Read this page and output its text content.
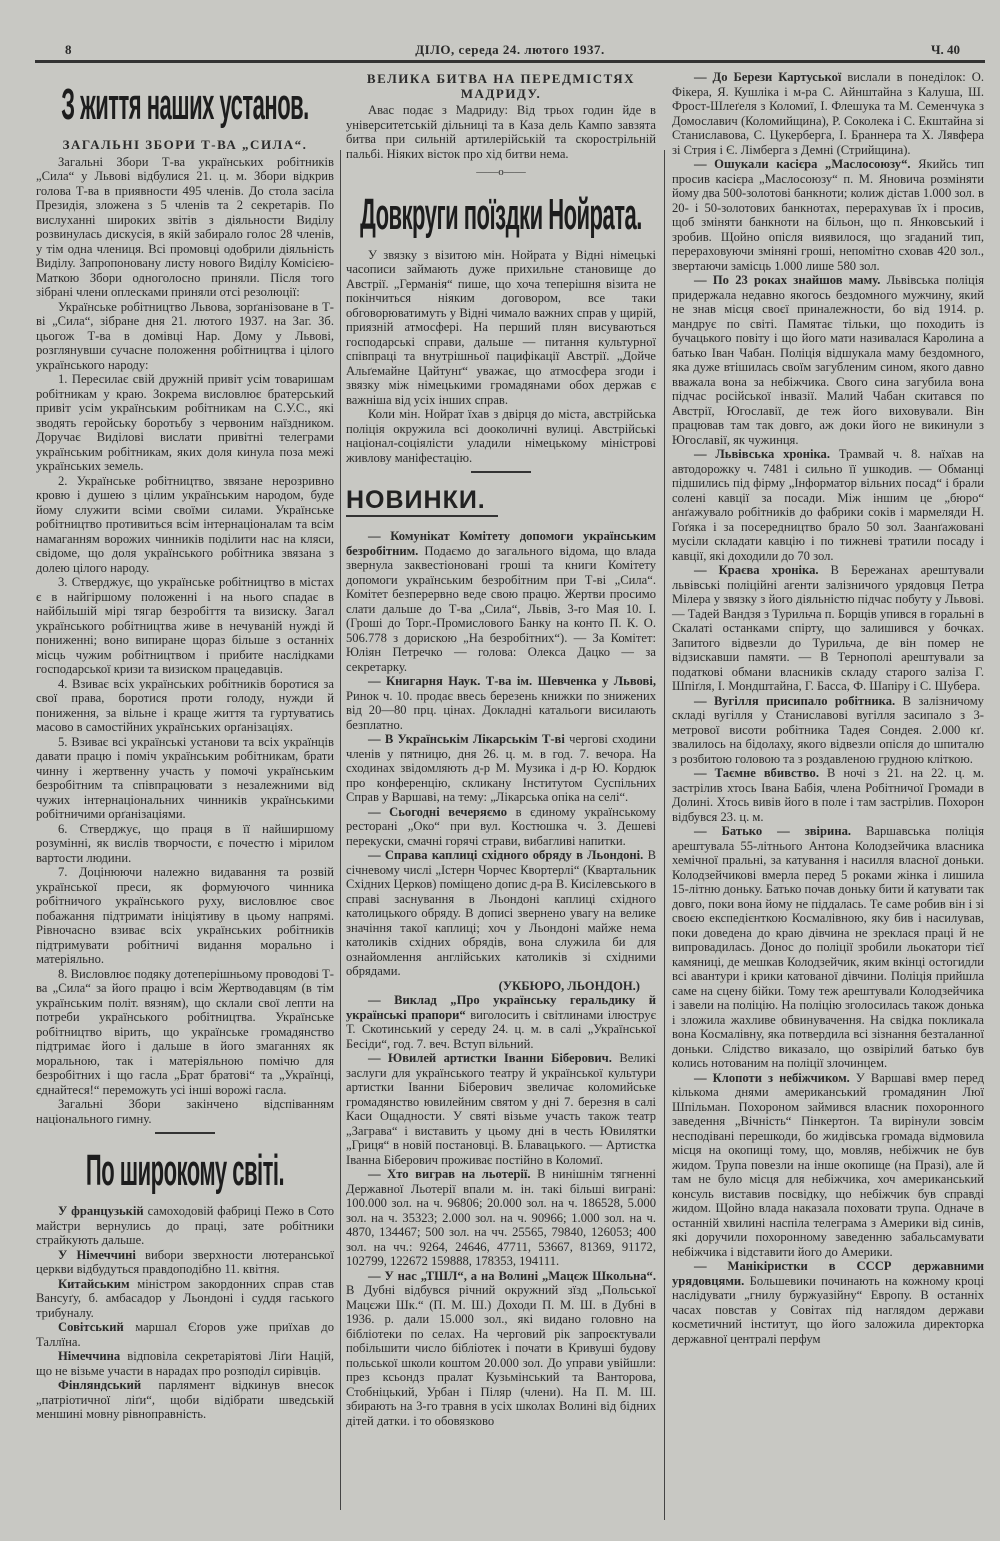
8	ДІЛО, середа 24. лютого 1937.	Ч. 40
З життя наших установ.
ЗАГАЛЬНІ ЗБОРИ Т-ВА „СИЛА“.

Загальні Збори Т-ва українських робітників „Сила“ у Львові відбулися 21. ц. м. Збори відкрив голова Т-ва в приявности 495 членів. До стола засіла Президія, зложена з 5 членів та 2 секретарів. По вислуханні широких звітів з діяльности Виділу розвинулась дискусія, в якій забирало голос 28 членів, у тім одна члениця. Всі промовці одобрили діяльність Виділу. Запропоновану листу нового Виділу Комісією-Маткою Збори одноголосно приняли. Після того зібрані члени оплесками приняли отсі резолюції:

Українське робітництво Львова, зорґанізоване в Т-ві „Сила“, зібране дня 21. лютого 1937. на Заг. Зб. цьогож Т-ва в домівці Нар. Дому у Львові, розглянувши сучасне положення робітництва і цілого українського народу:

1. Пересилає свій дружній привіт усім товаришам робітникам у краю. Зокрема висловлює братерський привіт усім українським робітникам на С.У.С., які зводять геройську боротьбу з червоним наїздником. Доручає Виділові вислати привітні телеграми українським робітникам, яких доля кинула поза межі українських земель.

2. Українське робітництво, звязане нерозривно кровю і душею з цілим українським народом, буде йому служити всіми своїми силами. Українське робітництво противиться всім інтернаціоналам та всім намаганням ворожих чинників поділити нас на кляси, свідоме, що доля українського робітника звязана з долею цілого народу.

3. Стверджує, що українське робітництво в містах є в найгіршому положенні і на нього спадає в найбільшій мірі тягар безробіття та визиску. Загал українського робітництва живе в нечуваній нужді й пониженні; воно випиране щораз більше з останніх місць чужим робітництвом і прибите наслідками господарської кризи та визиском працедавців.

4. Взиває всіх українських робітників боротися за свої права, боротися проти голоду, нужди й пониження, за вільне і краще життя та гуртуватись масово в самостійних українських орґанізаціях.

5. Взиває всі українські установи та всіх українців давати працю і поміч українським робітникам, брати чинну і жертвенну участь у помочі українським безробітним та співпрацювати з незалежними від чужих інтернаціональних чинників українськими робітничими орґанізаціями.

6. Стверджує, що праця в її найширшому розумінні, як вислів творчости, є почестю і мірилом вартости людини.

7. Доцінюючи належно видавання та розвій української преси, як формуючого чинника робітничого українського руху, висловлює своє побажання підтримати ініціятиву в цьому напрямі. Рівночасно взиває всіх українських робітників підтримувати робітничі видання морально і матеріяльно.

8. Висловлює подяку дотеперішньому проводові Т-ва „Сила“ за його працю і всім Жертводавцям (в тім українським політ. вязням), що склали свої лепти на потреби українського робітництва. Українське робітництво вірить, що українське громадянство підтримає його і дальше в його змаганнях як моральною, так і матеріяльною помічю для безробітних і що гасла „Брат братові“ та „Українці, єднайтеся!“ переможуть усі інші ворожі гасла.

Загальні Збори закінчено відспіванням національного гимну.

По широкому світі.

У французькій самоходовій фабриці Пежо в Сото майстри вернулись до праці, зате робітники страйкують дальше.

У Німеччині вибори зверхности лютеранської церкви відбудуться правдоподібно 11. квітня.

Китайським міністром закордонних справ став Вансуґу, б. амбасадор у Льондоні і суддя гаського трибуналу.

Совітський маршал Єґоров уже приїхав до Таллїна.

Німеччина відповіла секретаріятові Ліґи Націй, що не візьме участи в нарадах про розподіл сирівців.

Фінляндський парлямент відкинув внесок „патріотичної ліґи“, щоби відібрати шведській меншині мовну рівноправність.

ВЕЛИКА БИТВА НА ПЕРЕДМІСТЯХ МАДРИДУ.

Авас подає з Мадриду: Від трьох годин йде в університетській дільниці та в Каза дель Кампо завзята битва при сильній артилерійській та скорострільній пальбі. Ніяких вісток про хід битви нема.

——o——
Довкруги поїздки Нойрата.

У звязку з візитою мін. Нойрата у Відні німецькі часописи займають дуже прихильне становище до Австрії. „Германія“ пише, що хоча теперішня візита не покінчиться ніяким договором, все таки обговорюватимуть у Відні чимало важних справ у щирій, приязній атмосфері. На перший плян висуваються господарські справи, дальше — питання культурної співпраці та внутрішньої пацифікації Австрії. „Дойче Альґемайне Цайтунґ“ уважає, що атмосфера згоди і звязку між німецькими громадянами обох держав є важніша від усіх інших справ.

Коли мін. Нойрат їхав з двірця до міста, австрійська поліція окружила всі дооколичні вулиці. Австрійські націонал-соціялісти уладили німецькому міністрові живлову маніфестацію.

НОВИНКИ.

— Комунікат Комітету допомоги українським безробітним. Подаємо до загального відома, що влада звернула заквестіоновані гроші та книги Комітету допомоги українським безробітним при Т-ві „Сила“. Комітет безперервно веде свою працю. Жертви просимо слати дальше до Т-ва „Сила“, Львів, 3-го Мая 10. І. (Гроші до Торг.-Промислового Банку на конто П. К. О. 506.778 з дopискою „На безробітних“). — За Комітет: Юліян Петречко — голова: Олекса Дацко — за секретарку.

— Книгарня Наук. Т-ва ім. Шевченка у Львові, Ринок ч. 10. продає ввесь березень книжки по знижених від 20—80 прц. цінах. Докладні катальоги висилають безплатно.

— В Українськім Лікарськім Т-ві чергові сходини членів у пятницю, дня 26. ц. м. в год. 7. вечора. На сходинах звідомляють д-р М. Музика і д-р Ю. Кордюк про конференцію, скликану Інститутом Суспільних Справ у Варшаві, на тему: „Лікарська опіка на селі“.

— Сьогодні вечеряємо в єдиному українському ресторані „Око“ при вул. Костюшка ч. 3. Дешеві перекуски, смачні горячі страви, вибагливі напитки.

— Справа каплиці східного обряду в Льондоні. В січневому числі „Істерн Чорчес Квортерлі“ (Квартальник Східних Церков) поміщено допис д-ра В. Кисілевського в справі заснування в Льондоні каплиці східного католицького обряду. В дописі звернено увагу на велике значіння такої каплиці; хоч у Льондоні майже нема католиків східних обрядів, вона служила би для ознайомлення англійських католиків зі східними обрядами.

(УКБЮРО, ЛЬОНДОН.)

— Виклад „Про українську геральдику й українські прапори“ виголосить і світлинами ілюструє Т. Скотинський у середу 24. ц. м. в салі „Української Бесіди“, год. 7. веч. Вступ вільний.

— Ювилей артистки Іванни Біберович. Великі заслуги для українського театру й української культури артистки Іванни Біберович звеличає коломийське громадянство ювилейним святом у дні 7. березня в салі Каси Ощадности. У святі візьме участь також театр „Заграва“ і виставить у цьому дні в честь Ювилятки „Гриця“ в новій постановці. В. Блавацького. — Артистка Іванна Біберович проживає постійно в Коломиї.

— Хто виграв на льотерії. В нинішнім тягненні Державної Льотерії впали м. ін. такі більші виграні: 100.000 зол. на ч. 96806; 20.000 зол. на ч. 186528, 5.000 зол. на ч. 35323; 2.000 зол. на ч. 90966; 1.000 зол. на ч. 4870, 134467; 500 зол. на чч. 25565, 79840, 126053; 400 зол. на чч.: 9264, 24646, 47711, 53667, 81369, 91172, 102799, 122672 159888, 178353, 194111.

— У нас „ТШЛ“, а на Волині „Мацєж Школьна“. В Дубні відбувся річний окружний зїзд „Польської Мацєжи Шк.“ (П. М. Ш.) Доходи П. М. Ш. в Дубні в 1936. р. дали 15.000 зол., які видано головно на бібліотеки по селах. На черговий рік запроєктували побільшити число бібліотек і почати в Кривуші будову польської школи коштом 20.000 зол. До управи увійшли: през ксьондз пралат Кузьмінський та Ванторова, Стобніцький, Урбан і Піляр (члени). На П. М. Ш. збирають на 3-го травня в усіх школах Волині від бідних дітей датки. і то обовязково

— До Берези Картуської вислали в понеділок: О. Фікера, Я. Кушліка і м-ра С. Айнштайна з Калуша, Ш. Фрост-Шлеґеля з Коломиї, І. Флешука та М. Семенчука з Домославич (Коломийщина), Р. Соколека і С. Екштайна зі Станиславова, С. Цукерберга, І. Браннера та Х. Лявфера зі Стрия і Є. Лімберга з Демні (Стрийщина).

— Ошукали касієра „Маслосоюзу“. Якийсь тип просив касієра „Маслосоюзу“ п. М. Яновича розміняти йому два 500-золотові банкноти; колиж дістав 1.000 зол. в 20- і 50-золотових банкнотах, перерахував їх і просив, щоб зміняти банкноти на більон, що п. Янковський і зробив. Щойно опісля виявилося, що згаданий тип, перераховуючи зміняні гроші, непомітно сховав 420 зол., звертаючи замісць 1.000 лише 580 зол.

— По 23 роках знайшов маму. Львівська поліція придержала недавно якогось бездомного мужчину, який не знав місця своєї приналежности, бо від 1914. р. мандрує по світі. Памятає тільки, що походить із бучацького повіту і що його мати називалася Каролина а батько Іван Чабан. Поліція відшукала маму бездомного, яка дуже втішилась своїм загубленим сином, якого давно вважала вона за небіжчика. Свого сина загубила вона підчас російської інвазії. Малий Чабан скитався по Австрії, Югославії, де теж його виховували. Він працював там так довго, аж доки його не викинули з Югославії, як чужинця.

— Львівська хроніка. Трамвай ч. 8. наїхав на автодорожку ч. 7481 і сильно її ушкодив. — Обманці підшились під фірму „Інформатор вільних посад“ і брали солені кавції за посади. Між іншим це „бюро“ анґажувало робітників до фабрики соків і мармеляди Н. Гоґяка і за посередництво брало 50 зол. Заанґажовані мусіли складати кавцію і по тижневі тратили посаду і кавції, які доходили до 70 зол.

— Краєва хроніка. В Бережанах арештували львівські поліційні агенти залізничого урядовця Петра Мілера у звязку з його діяльністю підчас побуту у Львові. — Тадей Вандзя з Турильча п. Борщів упився в горальні в Скалаті останками спірту, що залишився у бочках. Запитого відвезли до Турильча, де він помер не відзискавши памяти. — В Тернополі арештували за податкові обмани власників складу старого заліза Г. Шпіґля, І. Мондштайна, Г. Басса, Ф. Шапіру і С. Шубера.

— Вугілля присипало робітника. В залізничому складі вугілля у Станиславові вугілля засипало з 3-метрової висоти робітника Тадея Сондея. 2.000 кґ. звалилось на бідолаху, якого відвезли опісля до шпиталю з розбитою головою та з роздавленою грудною кліткою.

— Таємне вбивство. В ночі з 21. на 22. ц. м. застрілив хтось Івана Бабія, члена Робітничої Громади в Долині. Хтось вивів його в поле і там застрілив. Похорон відбувся 23. ц. м.

— Батько — звірина. Варшавська поліція арештувала 55-літнього Антона Колодзейчика власника хемічної пральні, за катування і насилля власної доньки. Колодзейчикові вмерла перед 5 роками жінка і лишила 15-літню доньку. Батько почав доньку бити й катувати так довго, поки вона йому не піддалась. Те саме робив він і зі своєю експедієнткою Космалівною, яку бив і насилував, поки доведена до краю дівчина не зреклася праці й не випровадилась. Донос до поліції зробили льокатори тієї камяниці, де мешкав Колодзейчик, яким вкінці остогидли всі авантури і крики катованої дівчини. Поліція прийшла саме на сцену бійки. Тому теж арештували Колодзейчика і завели на поліцію. На поліцію зголосилась також донька і зложила жахливе обвинувачення. На свідка покликала вона Космалівну, яка потвердила всі зізнання безталанної доньки. Слідство виказало, що озвірілий батько був колись нотованим на поліції злочинцем.

— Клопоти з небіжчиком. У Варшаві вмер перед кількома днями американський громадянин Люї Шпільман. Похороном займився власник похоронного заведення „Вічність“ Пінкертон. Та вирінули зовсім несподівані перешкоди, бо жидівська громада відмовила місця на окопищі тому, що, мовляв, небіжчик не був жидом. Трупа повезли на інше окопище (на Празі), але й там не було місця для небіжчика, хоч американський консуль виставив посвідку, що небіжчик був справді жидом. Щойно влада наказала поховати трупа. Одначе в останній хвилині наспіла телеграма з Америки від синів, які доручили похоронному заведенню забальсамувати небіжчика і відставити його до Америки.

— Манікіристки в СССР державними урядовцями. Большевики починають на кожному кроці наслідувати „гнилу буржуазійну“ Европу. В останніх часах повстав у Совітах під наглядом держави косметичний інститут, що його заложила директорка державної централі перфум
